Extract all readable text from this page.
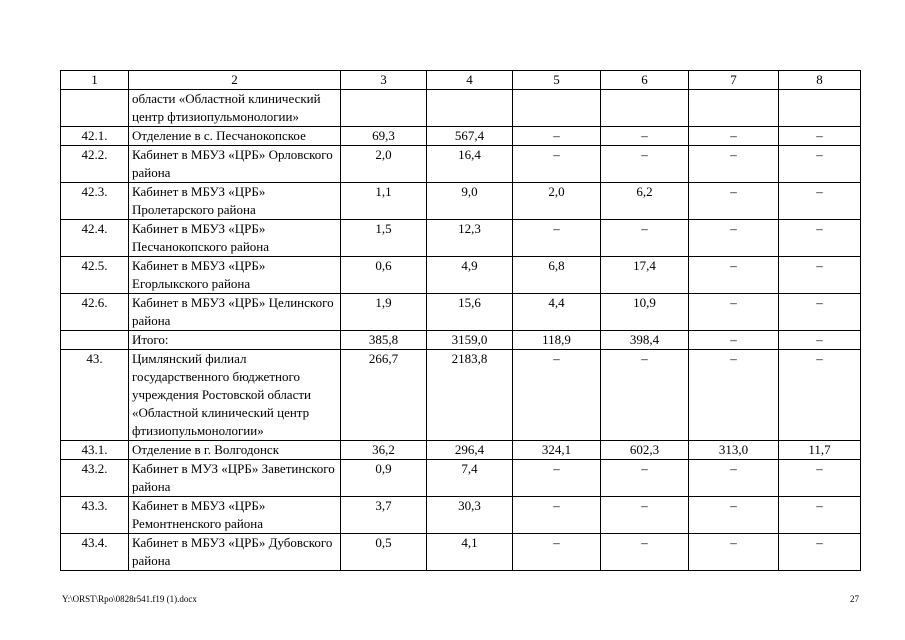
1	2	3	4	5	6	7	8
	области «Областной клинический центр фтизиопульмонологии»						
42.1.	Отделение в с. Песчанокопское	69,3	567,4	–	–	–	–
42.2.	Кабинет в МБУЗ «ЦРБ» Орловского района	2,0	16,4	–	–	–	–
42.3.	Кабинет в МБУЗ «ЦРБ» Пролетарского района	1,1	9,0	2,0	6,2	–	–
42.4.	Кабинет в МБУЗ «ЦРБ» Песчанокопского района	1,5	12,3	–	–	–	–
42.5.	Кабинет в МБУЗ «ЦРБ» Егорлыкского района	0,6	4,9	6,8	17,4	–	–
42.6.	Кабинет в МБУЗ «ЦРБ» Целинского района	1,9	15,6	4,4	10,9	–	–
	Итого:	385,8	3159,0	118,9	398,4	–	–
43.	Цимлянский филиал государственного бюджетного учреждения Ростовской области «Областной клинический центр фтизиопульмонологии»	266,7	2183,8	–	–	–	–
43.1.	Отделение в г. Волгодонск	36,2	296,4	324,1	602,3	313,0	11,7
43.2.	Кабинет в МУЗ «ЦРБ» Заветинского района	0,9	7,4	–	–	–	–
43.3.	Кабинет в МБУЗ «ЦРБ» Ремонтненского района	3,7	30,3	–	–	–	–
43.4.	Кабинет в МБУЗ «ЦРБ» Дубовского района	0,5	4,1	–	–	–	–
Y:\ORST\Rpo\0828r541.f19 (1).docx	27
